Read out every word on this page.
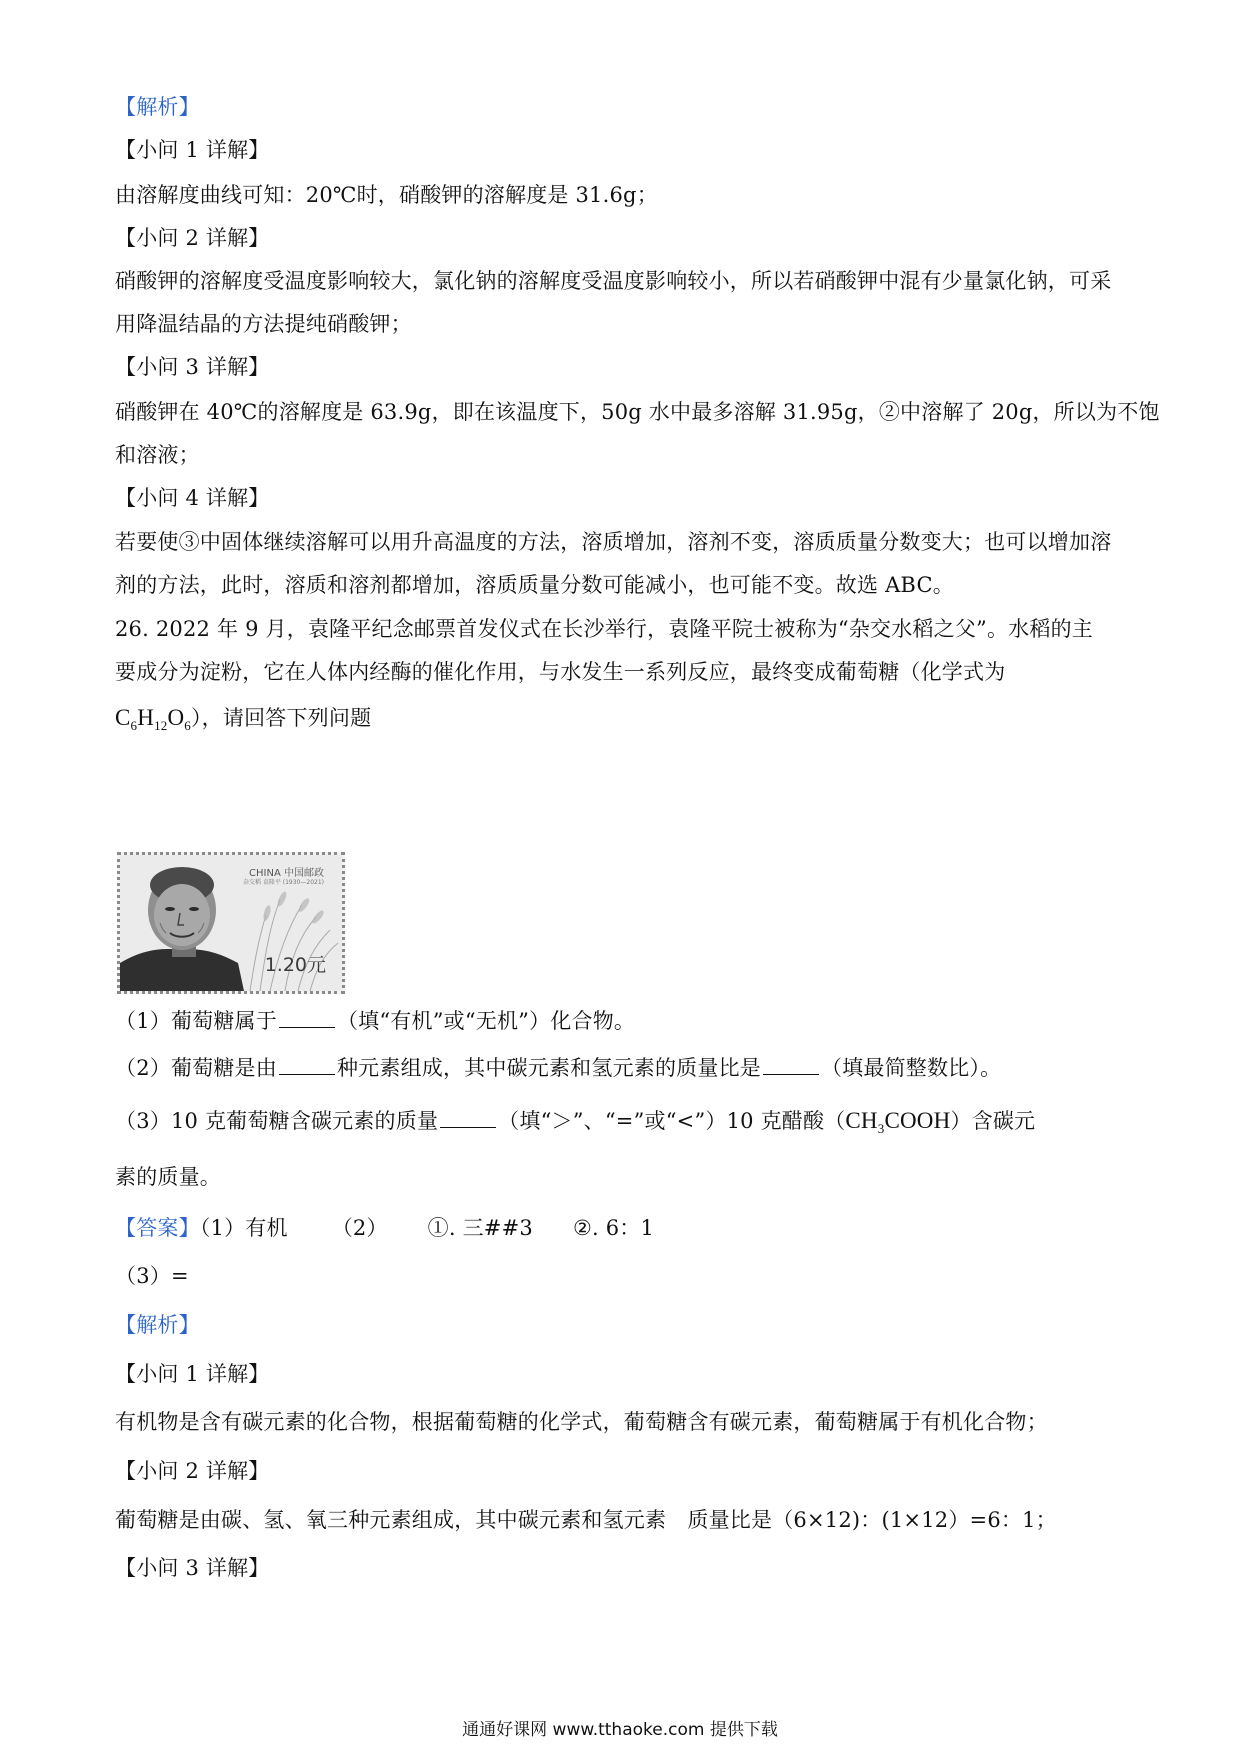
【解析】
【小问 1 详解】
由溶解度曲线可知：20℃时，硝酸钾的溶解度是 31.6g；
【小问 2 详解】
硝酸钾的溶解度受温度影响较大，氯化钠的溶解度受温度影响较小，所以若硝酸钾中混有少量氯化钠，可采
用降温结晶的方法提纯硝酸钾；
【小问 3 详解】
硝酸钾在 40℃的溶解度是 63.9g，即在该温度下，50g 水中最多溶解 31.95g，②中溶解了 20g，所以为不饱
和溶液；
【小问 4 详解】
若要使③中固体继续溶解可以用升高温度的方法，溶质增加，溶剂不变，溶质质量分数变大；也可以增加溶
剂的方法，此时，溶质和溶剂都增加，溶质质量分数可能减小，也可能不变。故选 ABC。
26. 2022 年 9 月，袁隆平纪念邮票首发仪式在长沙举行，袁隆平院士被称为“杂交水稻之父”。水稻的主
要成分为淀粉，它在人体内经酶的催化作用，与水发生一系列反应，最终变成葡萄糖（化学式为
$C_6H_{12}O_6$），请回答下列问题
CHINA 中国邮政
杂交稻 袁隆平 (1930—2021)
1.20元
（1）葡萄糖属于	（填“有机”或“无机”）化合物。
（2）葡萄糖是由	种元素组成，其中碳元素和氢元素的质量比是	（填最简整数比）。
（3）10 克葡萄糖含碳元素的质量	（填“＞”、“=”或“<”）10 克醋酸$(CH_3COOH)$含碳元
素的质量。
【答案】（1）有机 （2） ①. 三##3 ②. 6：1
（3）=
【解析】
【小问 1 详解】
有机物是含有碳元素的化合物，根据葡萄糖的化学式，葡萄糖含有碳元素，葡萄糖属于有机化合物；
【小问 2 详解】
葡萄糖是由碳、氢、氧三种元素组成，其中碳元素和氢元素　质量比是（6×12)：(1×12）=6：1；
【小问 3 详解】
通通好课网 www.tthaoke.com 提供下载
